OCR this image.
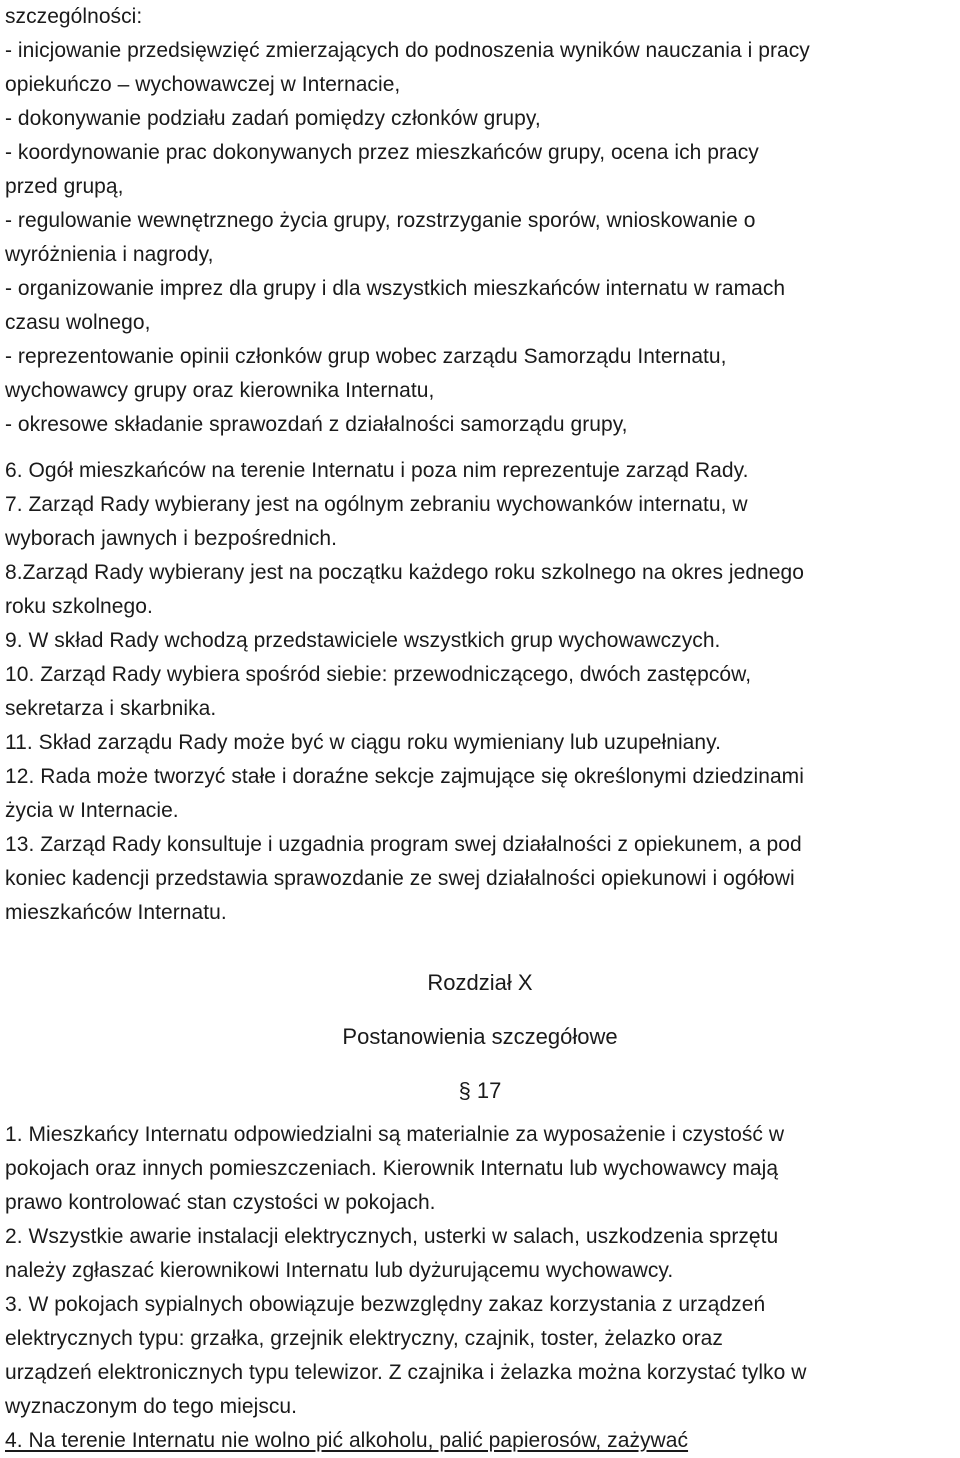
szczególności:
- inicjowanie przedsięwzięć zmierzających do podnoszenia wyników nauczania i pracy
opiekuńczo – wychowawczej w Internacie,
- dokonywanie podziału zadań pomiędzy członków grupy,
- koordynowanie prac dokonywanych przez mieszkańców grupy, ocena ich pracy
przed grupą,
- regulowanie wewnętrznego życia grupy, rozstrzyganie sporów, wnioskowanie o
wyróżnienia i nagrody,
- organizowanie imprez dla grupy i dla wszystkich mieszkańców internatu w ramach
czasu wolnego,
- reprezentowanie opinii członków grup wobec zarządu Samorządu Internatu,
wychowawcy grupy oraz kierownika Internatu,
- okresowe składanie sprawozdań z działalności samorządu grupy,
6. Ogół mieszkańców na terenie Internatu i poza nim reprezentuje zarząd Rady.
7. Zarząd Rady wybierany jest na ogólnym zebraniu wychowanków internatu, w
wyborach jawnych i bezpośrednich.
8.Zarząd Rady wybierany jest na początku każdego roku szkolnego na okres jednego
roku szkolnego.
9. W skład Rady wchodzą przedstawiciele wszystkich grup wychowawczych.
10. Zarząd Rady wybiera spośród siebie: przewodniczącego, dwóch zastępców,
sekretarza i skarbnika.
11. Skład zarządu Rady może być w ciągu roku wymieniany lub uzupełniany.
12. Rada może tworzyć stałe i doraźne sekcje zajmujące się określonymi dziedzinami
życia w Internacie.
13. Zarząd Rady konsultuje i uzgadnia program swej działalności z opiekunem, a pod
koniec kadencji przedstawia sprawozdanie ze swej działalności opiekunowi i ogółowi
mieszkańców Internatu.
Rozdział X
Postanowienia szczegółowe
§ 17
1. Mieszkańcy Internatu odpowiedzialni są materialnie za wyposażenie i czystość w
pokojach oraz innych pomieszczeniach. Kierownik Internatu lub wychowawcy mają
prawo kontrolować stan czystości w pokojach.
2. Wszystkie awarie instalacji elektrycznych, usterki w salach, uszkodzenia sprzętu
należy zgłaszać kierownikowi Internatu lub dyżurującemu wychowawcy.
3. W pokojach sypialnych obowiązuje bezwzględny zakaz korzystania z urządzeń
elektrycznych typu: grzałka, grzejnik elektryczny, czajnik, toster, żelazko oraz
urządzeń elektronicznych typu telewizor. Z czajnika i żelazka można korzystać tylko w
wyznaczonym do tego miejscu.
4. Na terenie Internatu nie wolno pić alkoholu, palić papierosów, zażywać
